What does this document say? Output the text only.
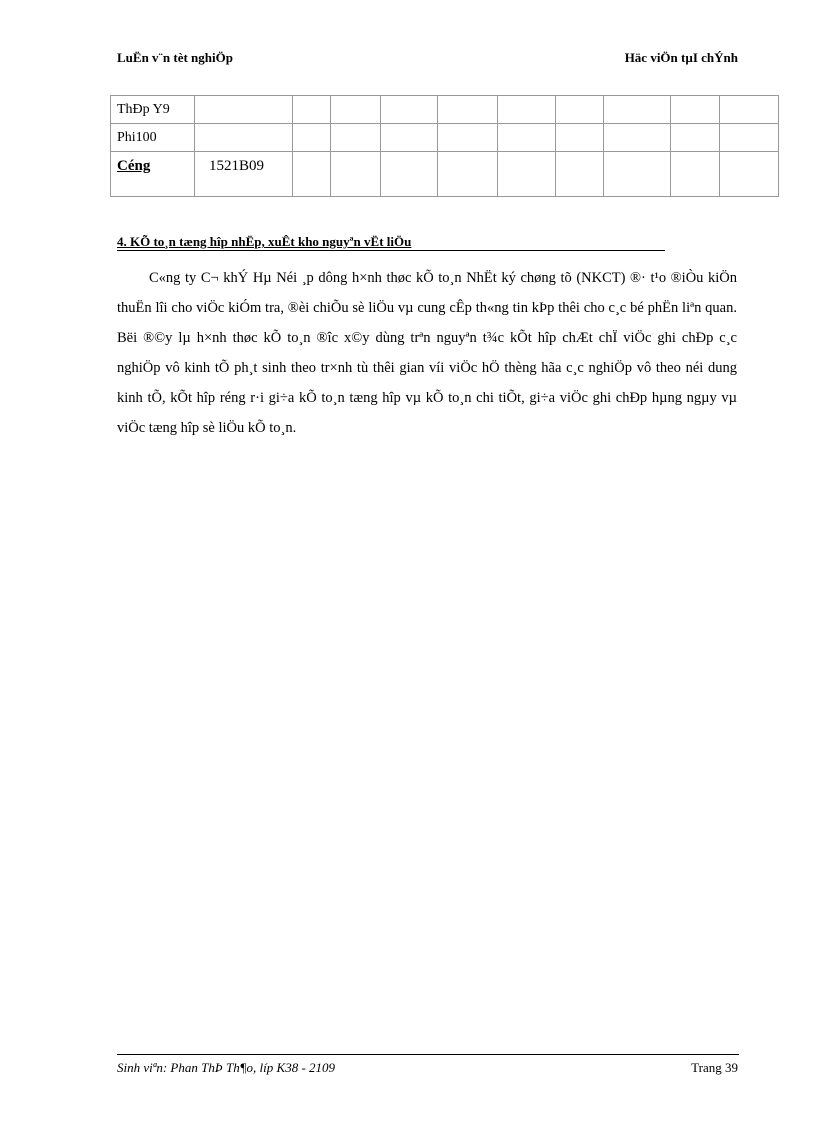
LuËn v¨n tèt nghiÖp	Häc viÖn tµI chÝnh
ThÐp Y9										
Phi100										
Céng	1521B09									
4. KÕ to¸n tæng hîp nhËp, xuÊt kho nguyªn vËt liÖu
C«ng ty C¬ khÝ Hµ Néi ¸p dông h×nh thøc kÕ to¸n NhËt ký chøng tõ (NKCT) ®· t¹o ®iÒu kiÖn thuËn lîi cho viÖc kiÓm tra, ®èi chiÕu sè liÖu vµ cung cÊp th«ng tin kÞp thêi cho c¸c bé phËn liªn quan. Bëi ®©y lµ h×nh thøc kÕ to¸n ®îc x©y dùng trªn nguyªn t¾c kÕt hîp chÆt chÏ viÖc ghi chÐp c¸c nghiÖp vô kinh tÕ ph¸t sinh theo tr×nh tù thêi gian víi viÖc hÖ thèng hãa c¸c nghiÖp vô theo néi dung kinh tÕ, kÕt hîp réng r·i gi÷a kÕ to¸n tæng hîp vµ kÕ to¸n chi tiÕt, gi÷a viÖc ghi chÐp hµng ngµy vµ viÖc tæng hîp sè liÖu kÕ to¸n.
Sinh viªn: Phan ThÞ Th¶o, líp K38 - 2109	Trang 39
